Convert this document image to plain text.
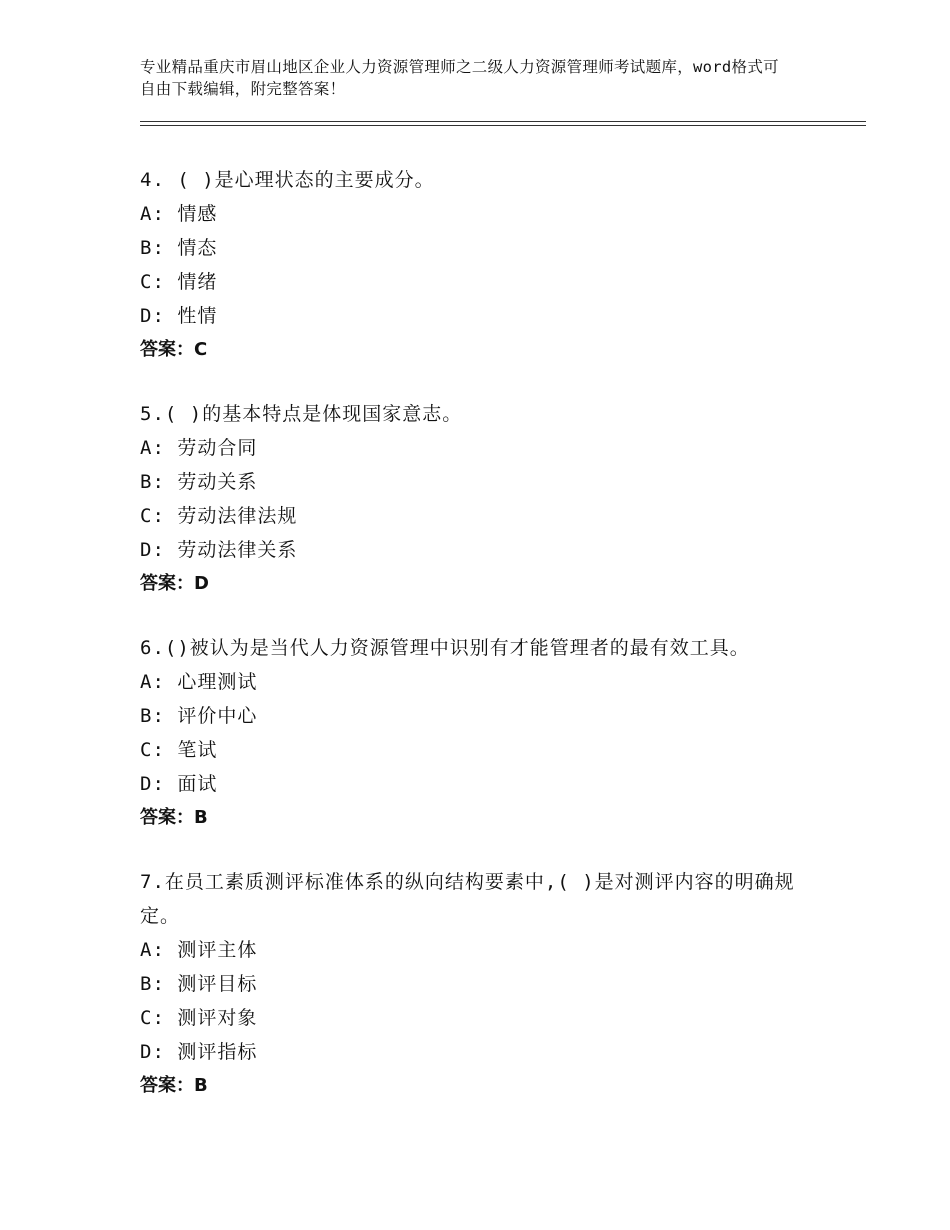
专业精品重庆市眉山地区企业人力资源管理师之二级人力资源管理师考试题库，word格式可自由下载编辑，附完整答案！
4. ( )是心理状态的主要成分。
A: 情感
B: 情态
C: 情绪
D: 性情
答案：C
5.( )的基本特点是体现国家意志。
A: 劳动合同
B: 劳动关系
C: 劳动法律法规
D: 劳动法律关系
答案：D
6.()被认为是当代人力资源管理中识别有才能管理者的最有效工具。
A: 心理测试
B: 评价中心
C: 笔试
D: 面试
答案：B
7.在员工素质测评标准体系的纵向结构要素中,( )是对测评内容的明确规定。
A: 测评主体
B: 测评目标
C: 测评对象
D: 测评指标
答案：B
